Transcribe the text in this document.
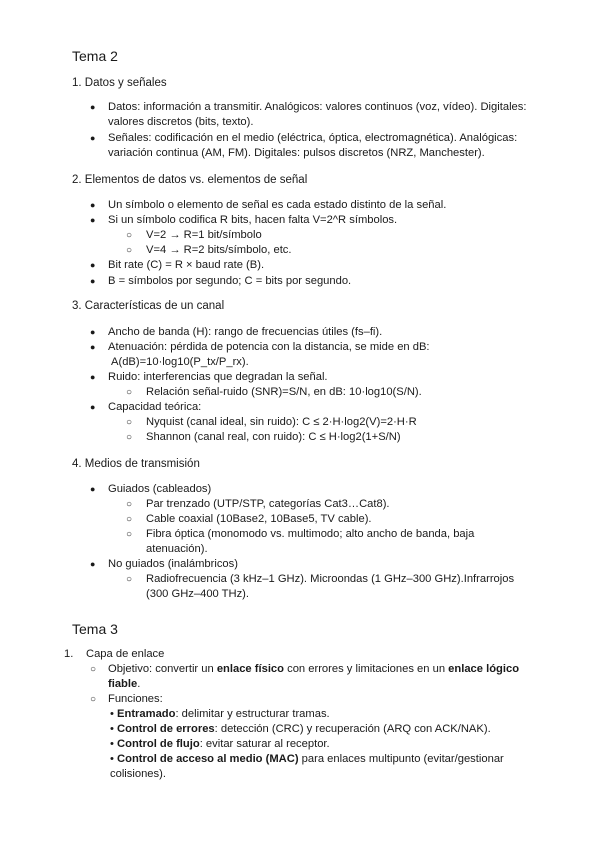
Tema 2
1. Datos y señales
● Datos: información a transmitir. Analógicos: valores continuos (voz, vídeo). Digitales:
valores discretos (bits, texto).
● Señales: codificación en el medio (eléctrica, óptica, electromagnética). Analógicas:
variación continua (AM, FM). Digitales: pulsos discretos (NRZ, Manchester).
2. Elementos de datos vs. elementos de señal
● Un símbolo o elemento de señal es cada estado distinto de la señal.
● Si un símbolo codifica R bits, hacen falta V=2^R símbolos.
○ V=2 → R=1 bit/símbolo
○ V=4 → R=2 bits/símbolo, etc.
● Bit rate (C) = R × baud rate (B).
● B = símbolos por segundo; C = bits por segundo.
3. Características de un canal
● Ancho de banda (H): rango de frecuencias útiles (fs–fi).
● Atenuación: pérdida de potencia con la distancia, se mide en dB:
A(dB)=10·log10(P_tx/P_rx).
● Ruido: interferencias que degradan la señal.
○ Relación señal-ruido (SNR)=S/N, en dB: 10·log10(S/N).
● Capacidad teórica:
○ Nyquist (canal ideal, sin ruido): C ≤ 2·H·log2(V)=2·H·R
○ Shannon (canal real, con ruido): C ≤ H·log2(1+S/N)
4. Medios de transmisión
● Guiados (cableados)
○ Par trenzado (UTP/STP, categorías Cat3…Cat8).
○ Cable coaxial (10Base2, 10Base5, TV cable).
○ Fibra óptica (monomodo vs. multimodo; alto ancho de banda, baja
atenuación).
● No guiados (inalámbricos)
○ Radiofrecuencia (3 kHz–1 GHz). Microondas (1 GHz–300 GHz).Infrarrojos
(300 GHz–400 THz).
Tema 3
1.	Capa de enlace
○ Objetivo: convertir un enlace físico con errores y limitaciones en un enlace lógico
fiable.
○ Funciones:
• Entramado: delimitar y estructurar tramas.
• Control de errores: detección (CRC) y recuperación (ARQ con ACK/NAK).
• Control de flujo: evitar saturar al receptor.
• Control de acceso al medio (MAC) para enlaces multipunto (evitar/gestionar
colisiones).
